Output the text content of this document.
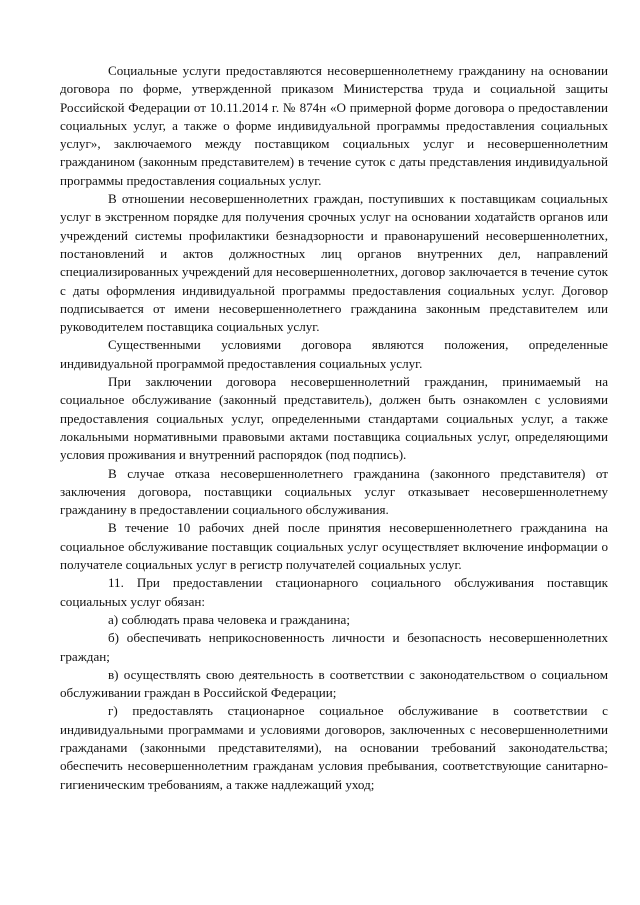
Социальные услуги предоставляются несовершеннолетнему гражданину на основании договора по форме, утвержденной приказом Министерства труда и социальной защиты Российской Федерации от 10.11.2014 г. № 874н «О примерной форме договора о предоставлении социальных услуг, а также о форме индивидуальной программы предоставления социальных услуг», заключаемого между поставщиком социальных услуг и несовершеннолетним гражданином (законным представителем) в течение суток с даты представления индивидуальной программы предоставления социальных услуг.

В отношении несовершеннолетних граждан, поступивших к поставщикам социальных услуг в экстренном порядке для получения срочных услуг на основании ходатайств органов или учреждений системы профилактики безнадзорности и правонарушений несовершеннолетних, постановлений и актов должностных лиц органов внутренних дел, направлений специализированных учреждений для несовершеннолетних, договор заключается в течение суток с даты оформления индивидуальной программы предоставления социальных услуг. Договор подписывается от имени несовершеннолетнего гражданина законным представителем или руководителем поставщика социальных услуг.

Существенными условиями договора являются положения, определенные индивидуальной программой предоставления социальных услуг.

При заключении договора несовершеннолетний гражданин, принимаемый на социальное обслуживание (законный представитель), должен быть ознакомлен с условиями предоставления социальных услуг, определенными стандартами социальных услуг, а также локальными нормативными правовыми актами поставщика социальных услуг, определяющими условия проживания и внутренний распорядок (под подпись).

В случае отказа несовершеннолетнего гражданина (законного представителя) от заключения договора, поставщики социальных услуг отказывает несовершеннолетнему гражданину в предоставлении социального обслуживания.

В течение 10 рабочих дней после принятия несовершеннолетнего гражданина на социальное обслуживание поставщик социальных услуг осуществляет включение информации о получателе социальных услуг в регистр получателей социальных услуг.

11. При предоставлении стационарного социального обслуживания поставщик социальных услуг обязан:

а) соблюдать права человека и гражданина;

б) обеспечивать неприкосновенность личности и безопасность несовершеннолетних граждан;

в) осуществлять свою деятельность в соответствии с законодательством о социальном обслуживании граждан в Российской Федерации;

г) предоставлять стационарное социальное обслуживание в соответствии с индивидуальными программами и условиями договоров, заключенных с несовершеннолетними гражданами (законными представителями), на основании требований законодательства; обеспечить несовершеннолетним гражданам условия пребывания, соответствующие санитарно-гигиеническим требованиям, а также надлежащий уход;
